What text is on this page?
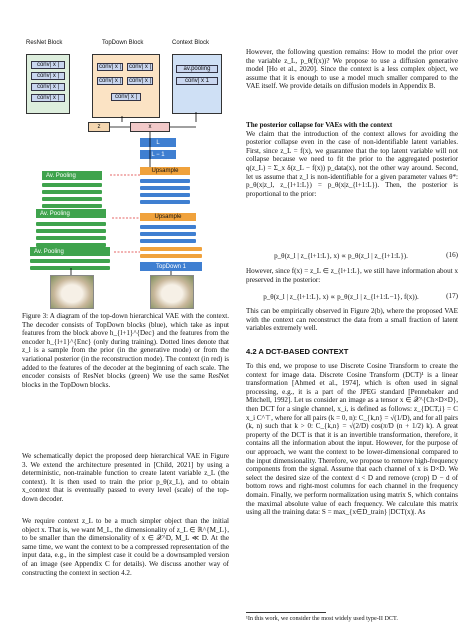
ResNet Block	TopDown Block	Context Block
conv| x |
conv| x |
conv| x |
conv| x |
conv| x |	conv| x |
conv| x |	conv| x |
conv| x |
av.pooling
conv| x 1
z	x
L
L − 1
Av. Pooling
Upsample
Av. Pooling
Upsample
Av. Pooling
TopDown 1

Figure 3: A diagram of the top-down hierarchical VAE with the context. The decoder consists of TopDown blocks (blue), which take as input features from the block above h_{l+1}^{Dec} and the features from the encoder h_{l+1}^{Enc} (only during training). Dotted lines denote that z_l is a sample from the prior (in the generative mode) or from the variational posterior (in the reconstruction mode). The context (in red) is added to the features of the decoder at the beginning of each scale. The encoder consists of ResNet blocks (green) We use the same ResNet blocks in the TopDown blocks.

We schematically depict the proposed deep hierarchical VAE in Figure 3. We extend the architecture presented in [Child, 2021] by using a deterministic, non-trainable function to create latent variable z_L (the context). It is then used to train the prior p_θ(z_L), and to obtain x_context that is eventually passed to every level (scale) of the top-down decoder.

We require context z_L to be a much simpler object than the initial object x. That is, we want M_L, the dimensionality of z_L ∈ ℝ^{M_L}, to be smaller than the dimensionality of x ∈ 𝒳^D, M_L ≪ D. At the same time, we want the context to be a compressed representation of the input data, e.g., in the simplest case it could be a downsampled version of an image (see Appendix C for details). We discuss another way of constructing the context in section 4.2.

However, the following question remains: How to model the prior over the variable z_L, p_θ(f(x))? We propose to use a diffusion generative model [Ho et al., 2020]. Since the context is a less complex object, we assume that it is enough to use a model much smaller compared to the VAE itself. We provide details on diffusion models in Appendix B.

The posterior collapse for VAEs with the context

We claim that the introduction of the context allows for avoiding the posterior collapse even in the case of non-identifiable latent variables. First, since z_L = f(x), we guarantee that the top latent variable will not collapse because we need to fit the prior to the aggregated posterior q(z_L) = Σ_x δ(z_L − f(x)) p_data(x), not the other way around. Second, let us assume that z_l is non-identifiable for a given parameter values θ*: p_θ(x|z_l, z_{l+1:L}) = p_θ(x|z_{l+1:L}). Then, the posterior is proportional to the prior:

p_θ(z_l | z_{l+1:L}, x) ∝ p_θ(z_l | z_{l+1:L}).	(16)

However, since f(x) = z_L ∈ z_{l+1:L}, we still have information about x preserved in the posterior:

p_θ(z_l | z_{l+1:L}, x) ∝ p_θ(z_l | z_{l+1:L−1}, f(x)).	(17)

This can be empirically observed in Figure 2(b), where the proposed VAE with the context can reconstruct the data from a small fraction of latent variables extremely well.

4.2 A DCT-BASED CONTEXT

To this end, we propose to use Discrete Cosine Transform to create the context for image data. Discrete Cosine Transform (DCT)¹ is a linear transformation [Ahmed et al., 1974], which is often used in signal processing, e.g., it is a part of the JPEG standard [Pennebaker and Mitchell, 1992]. Let us consider an image as a tensor x ∈ 𝒳^{Ch×D×D}, then DCT for a single channel, x_i, is defined as follows: z_{DCT,i} = C x_i C^⊤, where for all pairs (k = 0, n): C_{k,n} = √(1/D), and for all pairs (k, n) such that k > 0: C_{k,n} = √(2/D) cos(π/D (n + 1/2) k). A great property of the DCT is that it is an invertible transformation, therefore, it contains all the information about the input. However, for the purpose of our approach, we want the context to be lower-dimensional compared to the input dimensionality. Therefore, we propose to remove high-frequency components from the signal. Assume that each channel of x is D×D. We select the desired size of the context d < D and remove (crop) D − d of bottom rows and right-most columns for each channel in the frequency domain. Finally, we perform normalization using matrix S, which contains the maximal absolute value of each frequency. We calculate this matrix using all the training data: S = max_{x∈D_train} |DCT(x)|. As

¹In this work, we consider the most widely used type-II DCT.
